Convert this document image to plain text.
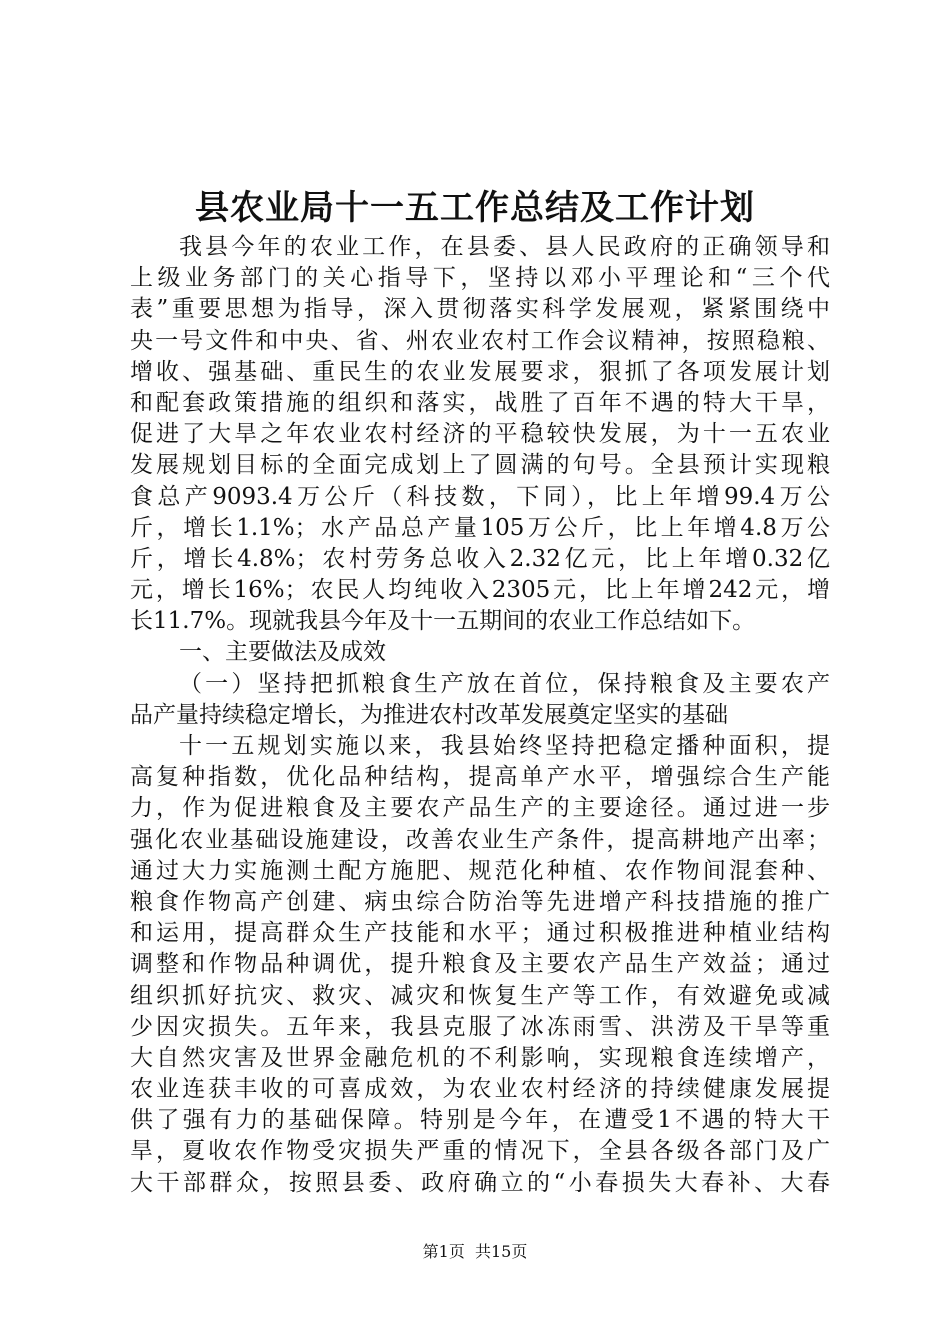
县农业局十一五工作总结及工作计划
我县今年的农业工作，在县委、县人民政府的正确领导和
上级业务部门的关心指导下，坚持以邓小平理论和“三个代
表”重要思想为指导，深入贯彻落实科学发展观，紧紧围绕中
央一号文件和中央、省、州农业农村工作会议精神，按照稳粮、
增收、强基础、重民生的农业发展要求，狠抓了各项发展计划
和配套政策措施的组织和落实，战胜了百年不遇的特大干旱，
促进了大旱之年农业农村经济的平稳较快发展，为十一五农业
发展规划目标的全面完成划上了圆满的句号。全县预计实现粮
食总产9093.4万公斤（科技数，下同），比上年增99.4万公
斤，增长1.1%；水产品总产量105万公斤，比上年增4.8万公
斤，增长4.8%；农村劳务总收入2.32亿元，比上年增0.32亿
元，增长16%；农民人均纯收入2305元，比上年增242元，增
长11.7%。现就我县今年及十一五期间的农业工作总结如下。
一、主要做法及成效
（一）坚持把抓粮食生产放在首位，保持粮食及主要农产
品产量持续稳定增长，为推进农村改革发展奠定坚实的基础
十一五规划实施以来，我县始终坚持把稳定播种面积，提
高复种指数，优化品种结构，提高单产水平，增强综合生产能
力，作为促进粮食及主要农产品生产的主要途径。通过进一步
强化农业基础设施建设，改善农业生产条件，提高耕地产出率；
通过大力实施测土配方施肥、规范化种植、农作物间混套种、
粮食作物高产创建、病虫综合防治等先进增产科技措施的推广
和运用，提高群众生产技能和水平；通过积极推进种植业结构
调整和作物品种调优，提升粮食及主要农产品生产效益；通过
组织抓好抗灾、救灾、减灾和恢复生产等工作，有效避免或减
少因灾损失。五年来，我县克服了冰冻雨雪、洪涝及干旱等重
大自然灾害及世界金融危机的不利影响，实现粮食连续增产，
农业连获丰收的可喜成效，为农业农村经济的持续健康发展提
供了强有力的基础保障。特别是今年，在遭受1不遇的特大干
旱，夏收农作物受灾损失严重的情况下，全县各级各部门及广
大干部群众，按照县委、政府确立的“小春损失大春补、大春
第1页  共15页
